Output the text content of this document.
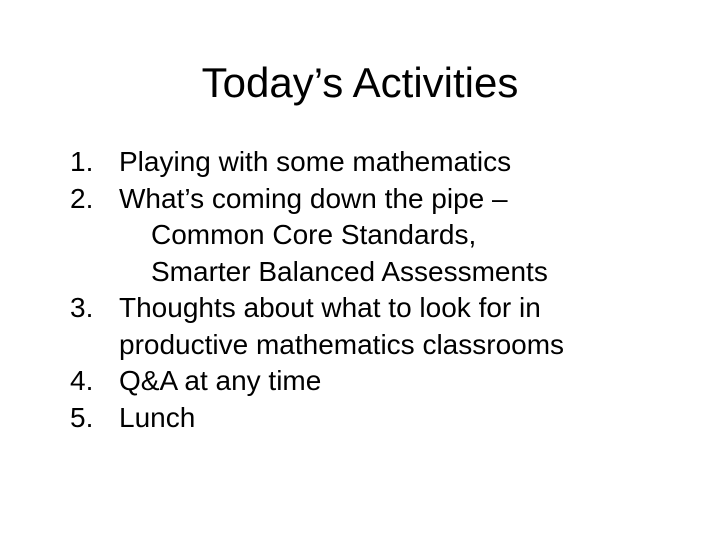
Today’s Activities
1. Playing with some mathematics
2. What’s coming down the pipe –
Common Core Standards,
Smarter Balanced Assessments
3. Thoughts about what to look for in
productive mathematics classrooms
4. Q&A at any time
5. Lunch
